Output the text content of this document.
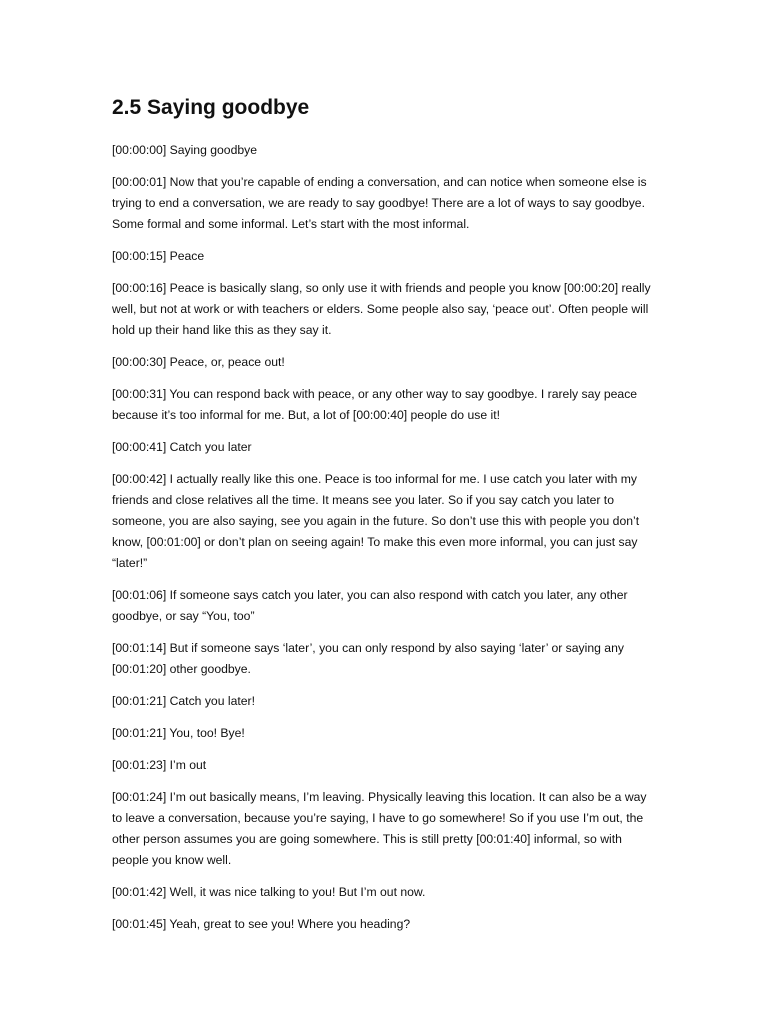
2.5 Saying goodbye

[00:00:00] Saying goodbye

[00:00:01] Now that you’re capable of ending a conversation, and can notice when someone else is trying to end a conversation, we are ready to say goodbye! There are a lot of ways to say goodbye. Some formal and some informal. Let’s start with the most informal.

[00:00:15] Peace

[00:00:16] Peace is basically slang, so only use it with friends and people you know [00:00:20] really well, but not at work or with teachers or elders. Some people also say, ‘peace out’. Often people will hold up their hand like this as they say it.

[00:00:30] Peace, or, peace out!

[00:00:31] You can respond back with peace, or any other way to say goodbye. I rarely say peace because it’s too informal for me. But, a lot of [00:00:40] people do use it!

[00:00:41] Catch you later

[00:00:42] I actually really like this one. Peace is too informal for me. I use catch you later with my friends and close relatives all the time. It means see you later. So if you say catch you later to someone, you are also saying, see you again in the future. So don’t use this with people you don’t know, [00:01:00] or don’t plan on seeing again! To make this even more informal, you can just say “later!”

[00:01:06] If someone says catch you later, you can also respond with catch you later, any other goodbye, or say “You, too”

[00:01:14] But if someone says ‘later’, you can only respond by also saying ‘later’ or saying any [00:01:20] other goodbye.

[00:01:21] Catch you later!

[00:01:21] You, too! Bye!

[00:01:23] I’m out

[00:01:24] I’m out basically means, I’m leaving. Physically leaving this location. It can also be a way to leave a conversation, because you’re saying, I have to go somewhere! So if you use I’m out, the other person assumes you are going somewhere. This is still pretty [00:01:40] informal, so with people you know well.

[00:01:42] Well, it was nice talking to you! But I’m out now.

[00:01:45] Yeah, great to see you! Where you heading?
